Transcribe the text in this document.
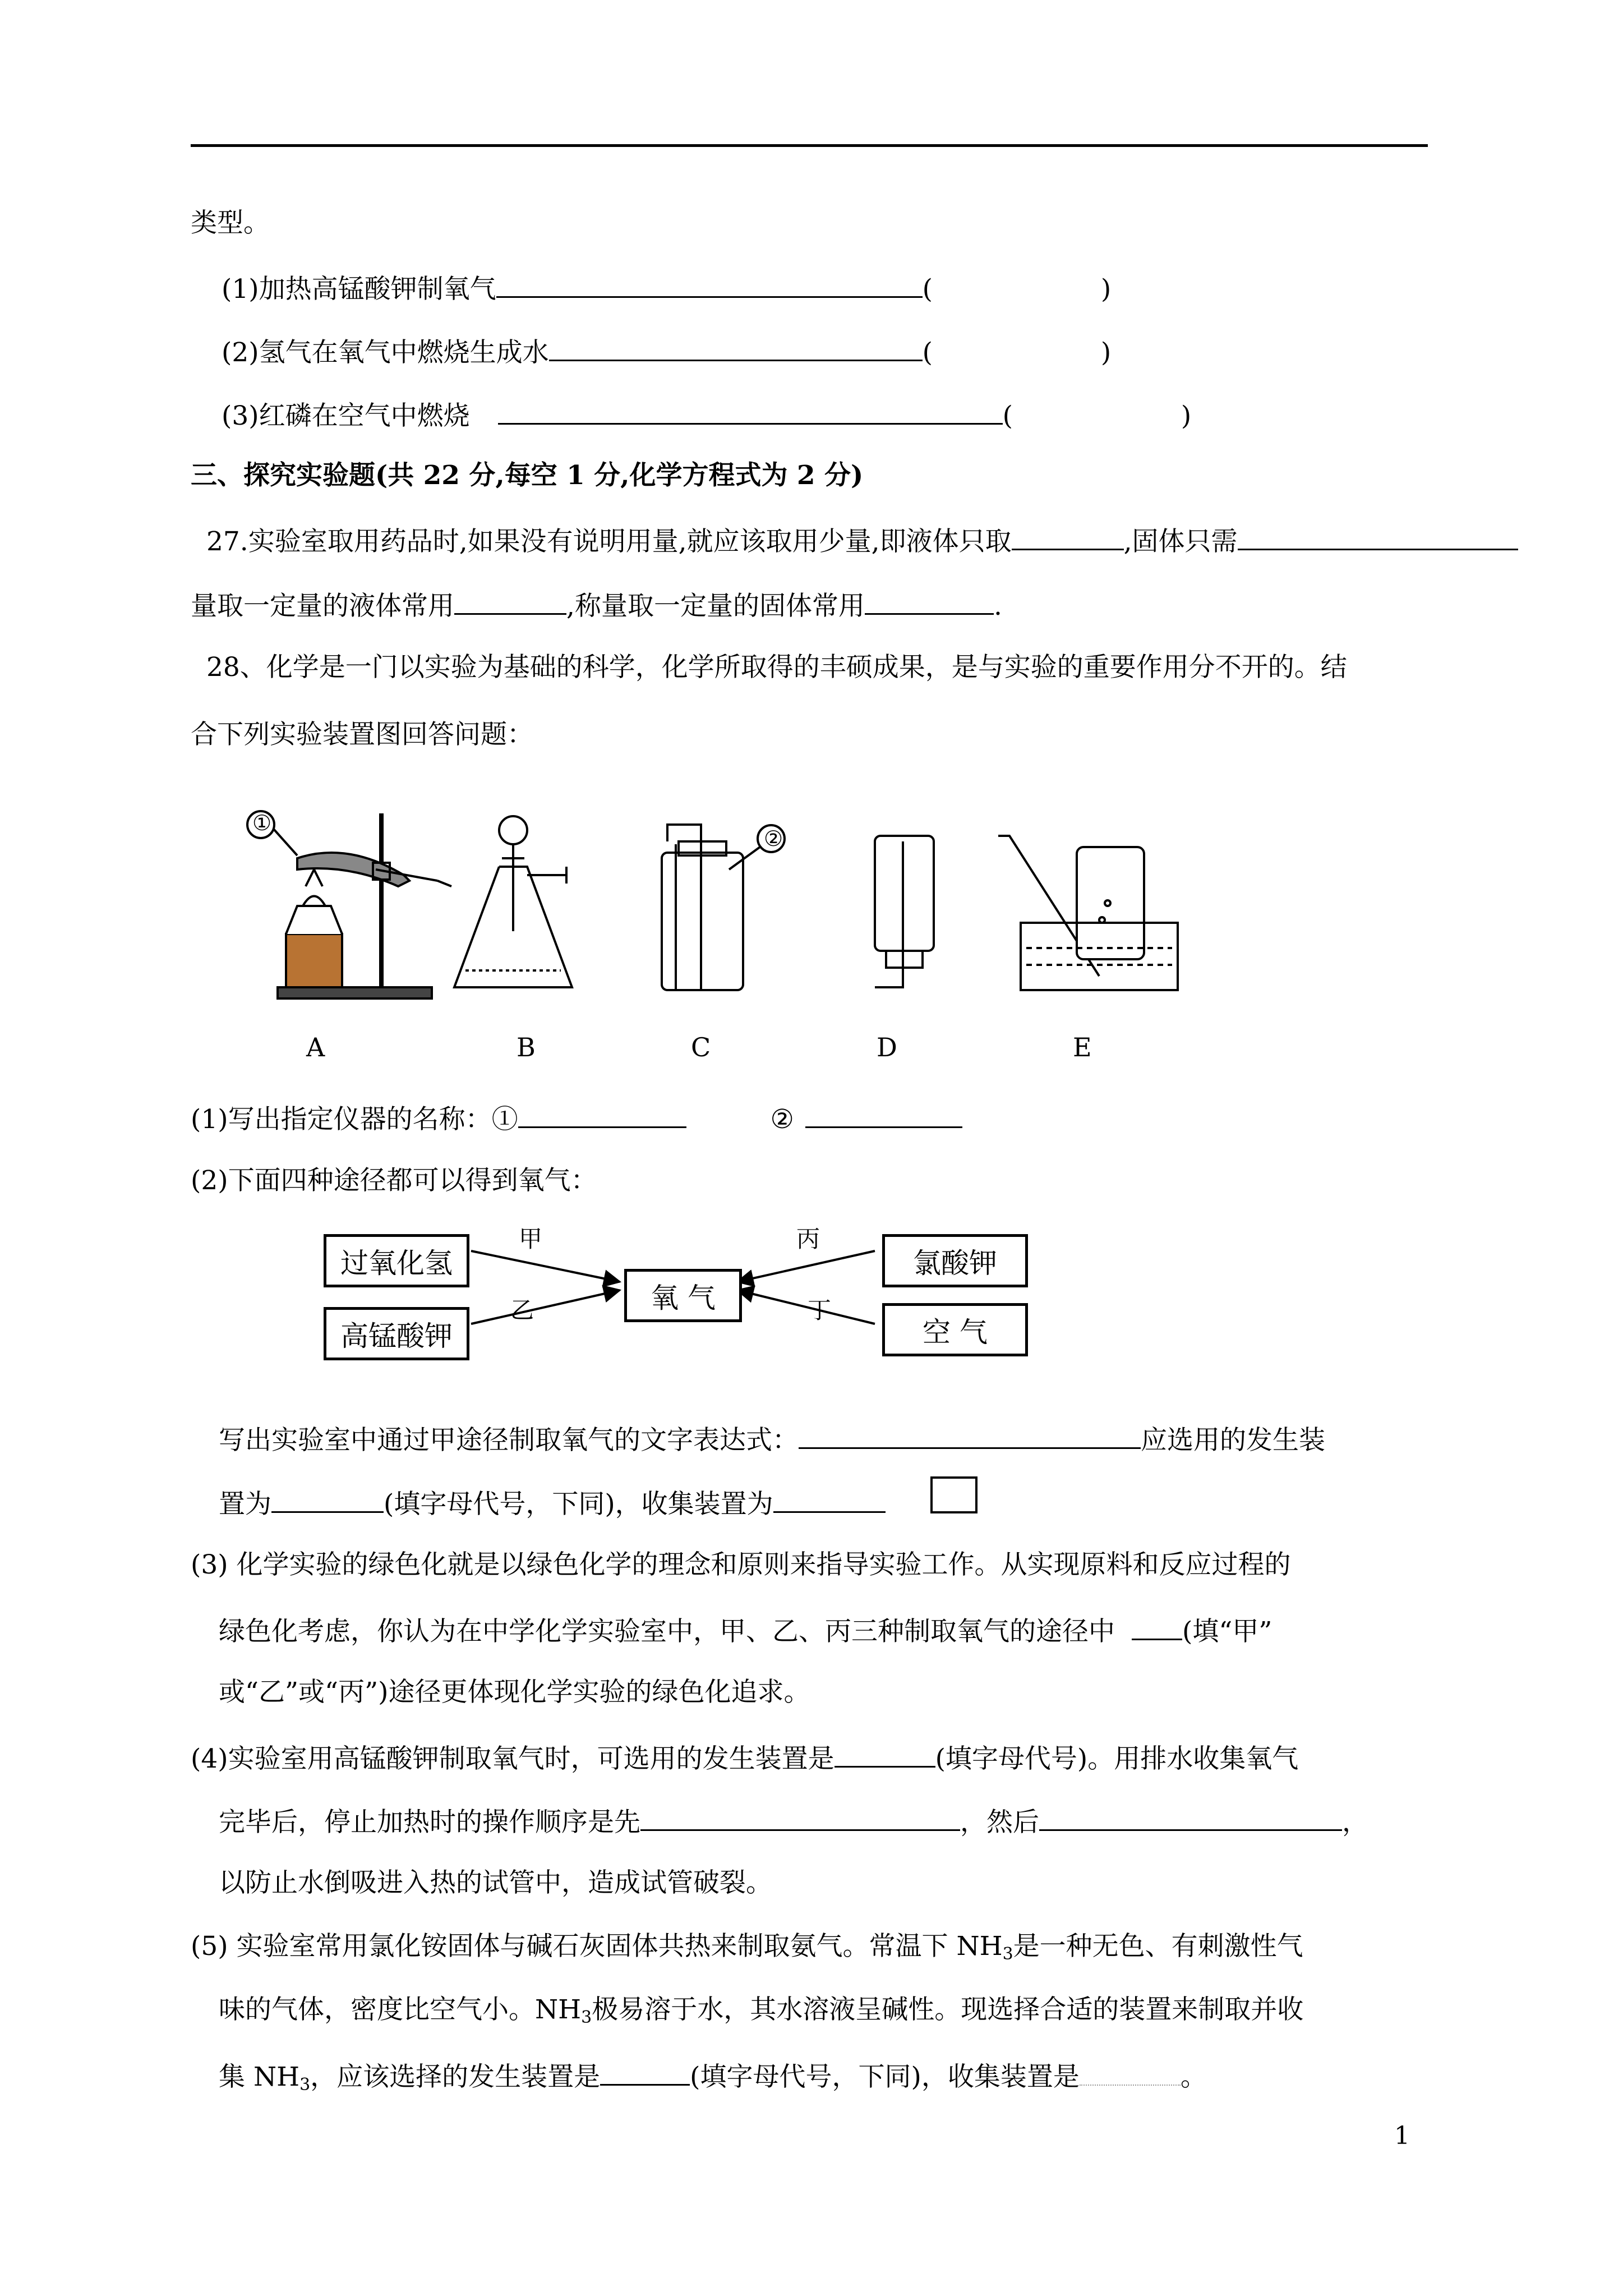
类型。
(1)加热高锰酸钾制氧气	(	)
(2)氢气在氧气中燃烧生成水	(	)
(3)红磷在空气中燃烧	(	)
三、探究实验题(共 22 分,每空 1 分,化学方程式为 2 分)
27.实验室取用药品时,如果没有说明用量,就应该取用少量,即液体只取	,固体只需
量取一定量的液体常用	,称量取一定量的固体常用	.
28、化学是一门以实验为基础的科学，化学所取得的丰硕成果，是与实验的重要作用分不开的。结
合下列实验装置图回答问题：
①
②
A	B	C	D	E
(1)写出指定仪器的名称：①	②
(2)下面四种途径都可以得到氧气：
甲
乙
丙
丁
过氧化氢
高锰酸钾
氧 气
氯酸钾
空 气
写出实验室中通过甲途径制取氧气的文字表达式：	应选用的发生装
置为	(填字母代号，下同)，收集装置为
(3) 化学实验的绿色化就是以绿色化学的理念和原则来指导实验工作。从实现原料和反应过程的
绿色化考虑，你认为在中学化学实验室中，甲、乙、丙三种制取氧气的途径中	(填“甲”
或“乙”或“丙”)途径更体现化学实验的绿色化追求。
(4)实验室用高锰酸钾制取氧气时，可选用的发生装置是	(填字母代号)。用排水收集氧气
完毕后，停止加热时的操作顺序是先	，然后	，
以防止水倒吸进入热的试管中，造成试管破裂。
(5) 实验室常用氯化铵固体与碱石灰固体共热来制取氨气。常温下 $NH_3$是一种无色、有刺激性气
味的气体，密度比空气小。$NH_3$极易溶于水，其水溶液呈碱性。现选择合适的装置来制取并收
集 $NH_3$，应该选择的发生装置是	(填字母代号，下同)，收集装置是	。
1
